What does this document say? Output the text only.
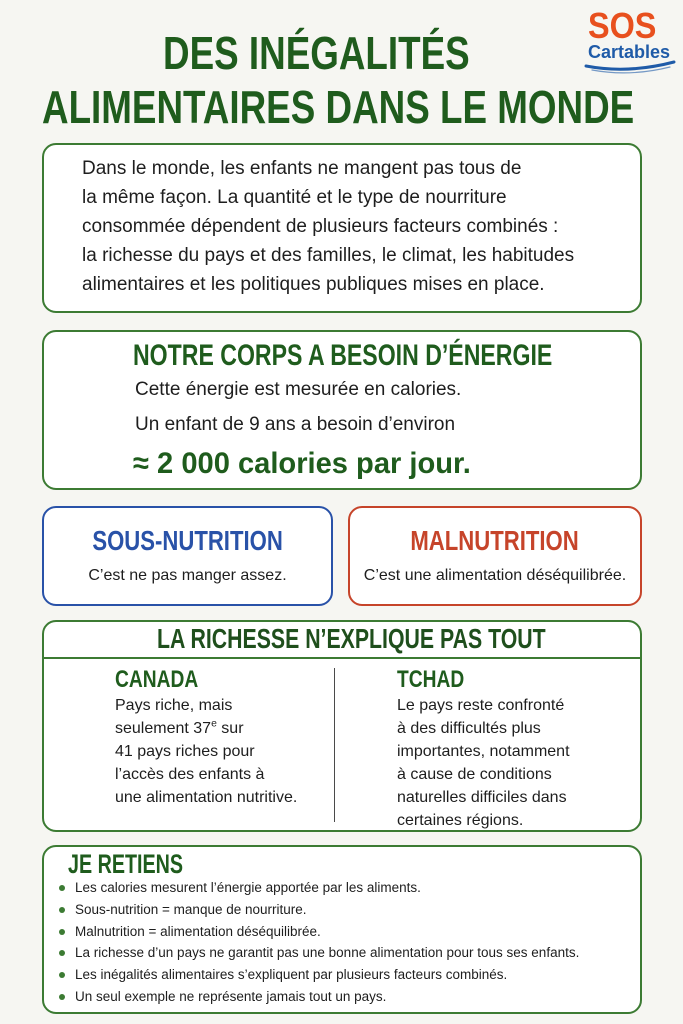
SOS
Cartables
DES INÉGALITÉS
ALIMENTAIRES DANS LE MONDE
Dans le monde, les enfants ne mangent pas tous de
la même façon. La quantité et le type de nourriture
consommée dépendent de plusieurs facteurs combinés :
la richesse du pays et des familles, le climat, les habitudes
alimentaires et les politiques publiques mises en place.
NOTRE CORPS A BESOIN D’ÉNERGIE
Cette énergie est mesurée en calories.
Un enfant de 9 ans a besoin d’environ
≈ 2 000 calories par jour.
SOUS-NUTRITION
C’est ne pas manger assez.
MALNUTRITION
C’est une alimentation déséquilibrée.
LA RICHESSE N’EXPLIQUE PAS TOUT
CANADA
Pays riche, mais
seulement 37e sur
41 pays riches pour
l’accès des enfants à
une alimentation nutritive.
TCHAD
Le pays reste confronté
à des difficultés plus
importantes, notamment
à cause de conditions
naturelles difficiles dans
certaines régions.
JE RETIENS
Les calories mesurent l’énergie apportée par les aliments.
Sous-nutrition = manque de nourriture.
Malnutrition = alimentation déséquilibrée.
La richesse d’un pays ne garantit pas une bonne alimentation pour tous ses enfants.
Les inégalités alimentaires s’expliquent par plusieurs facteurs combinés.
Un seul exemple ne représente jamais tout un pays.
